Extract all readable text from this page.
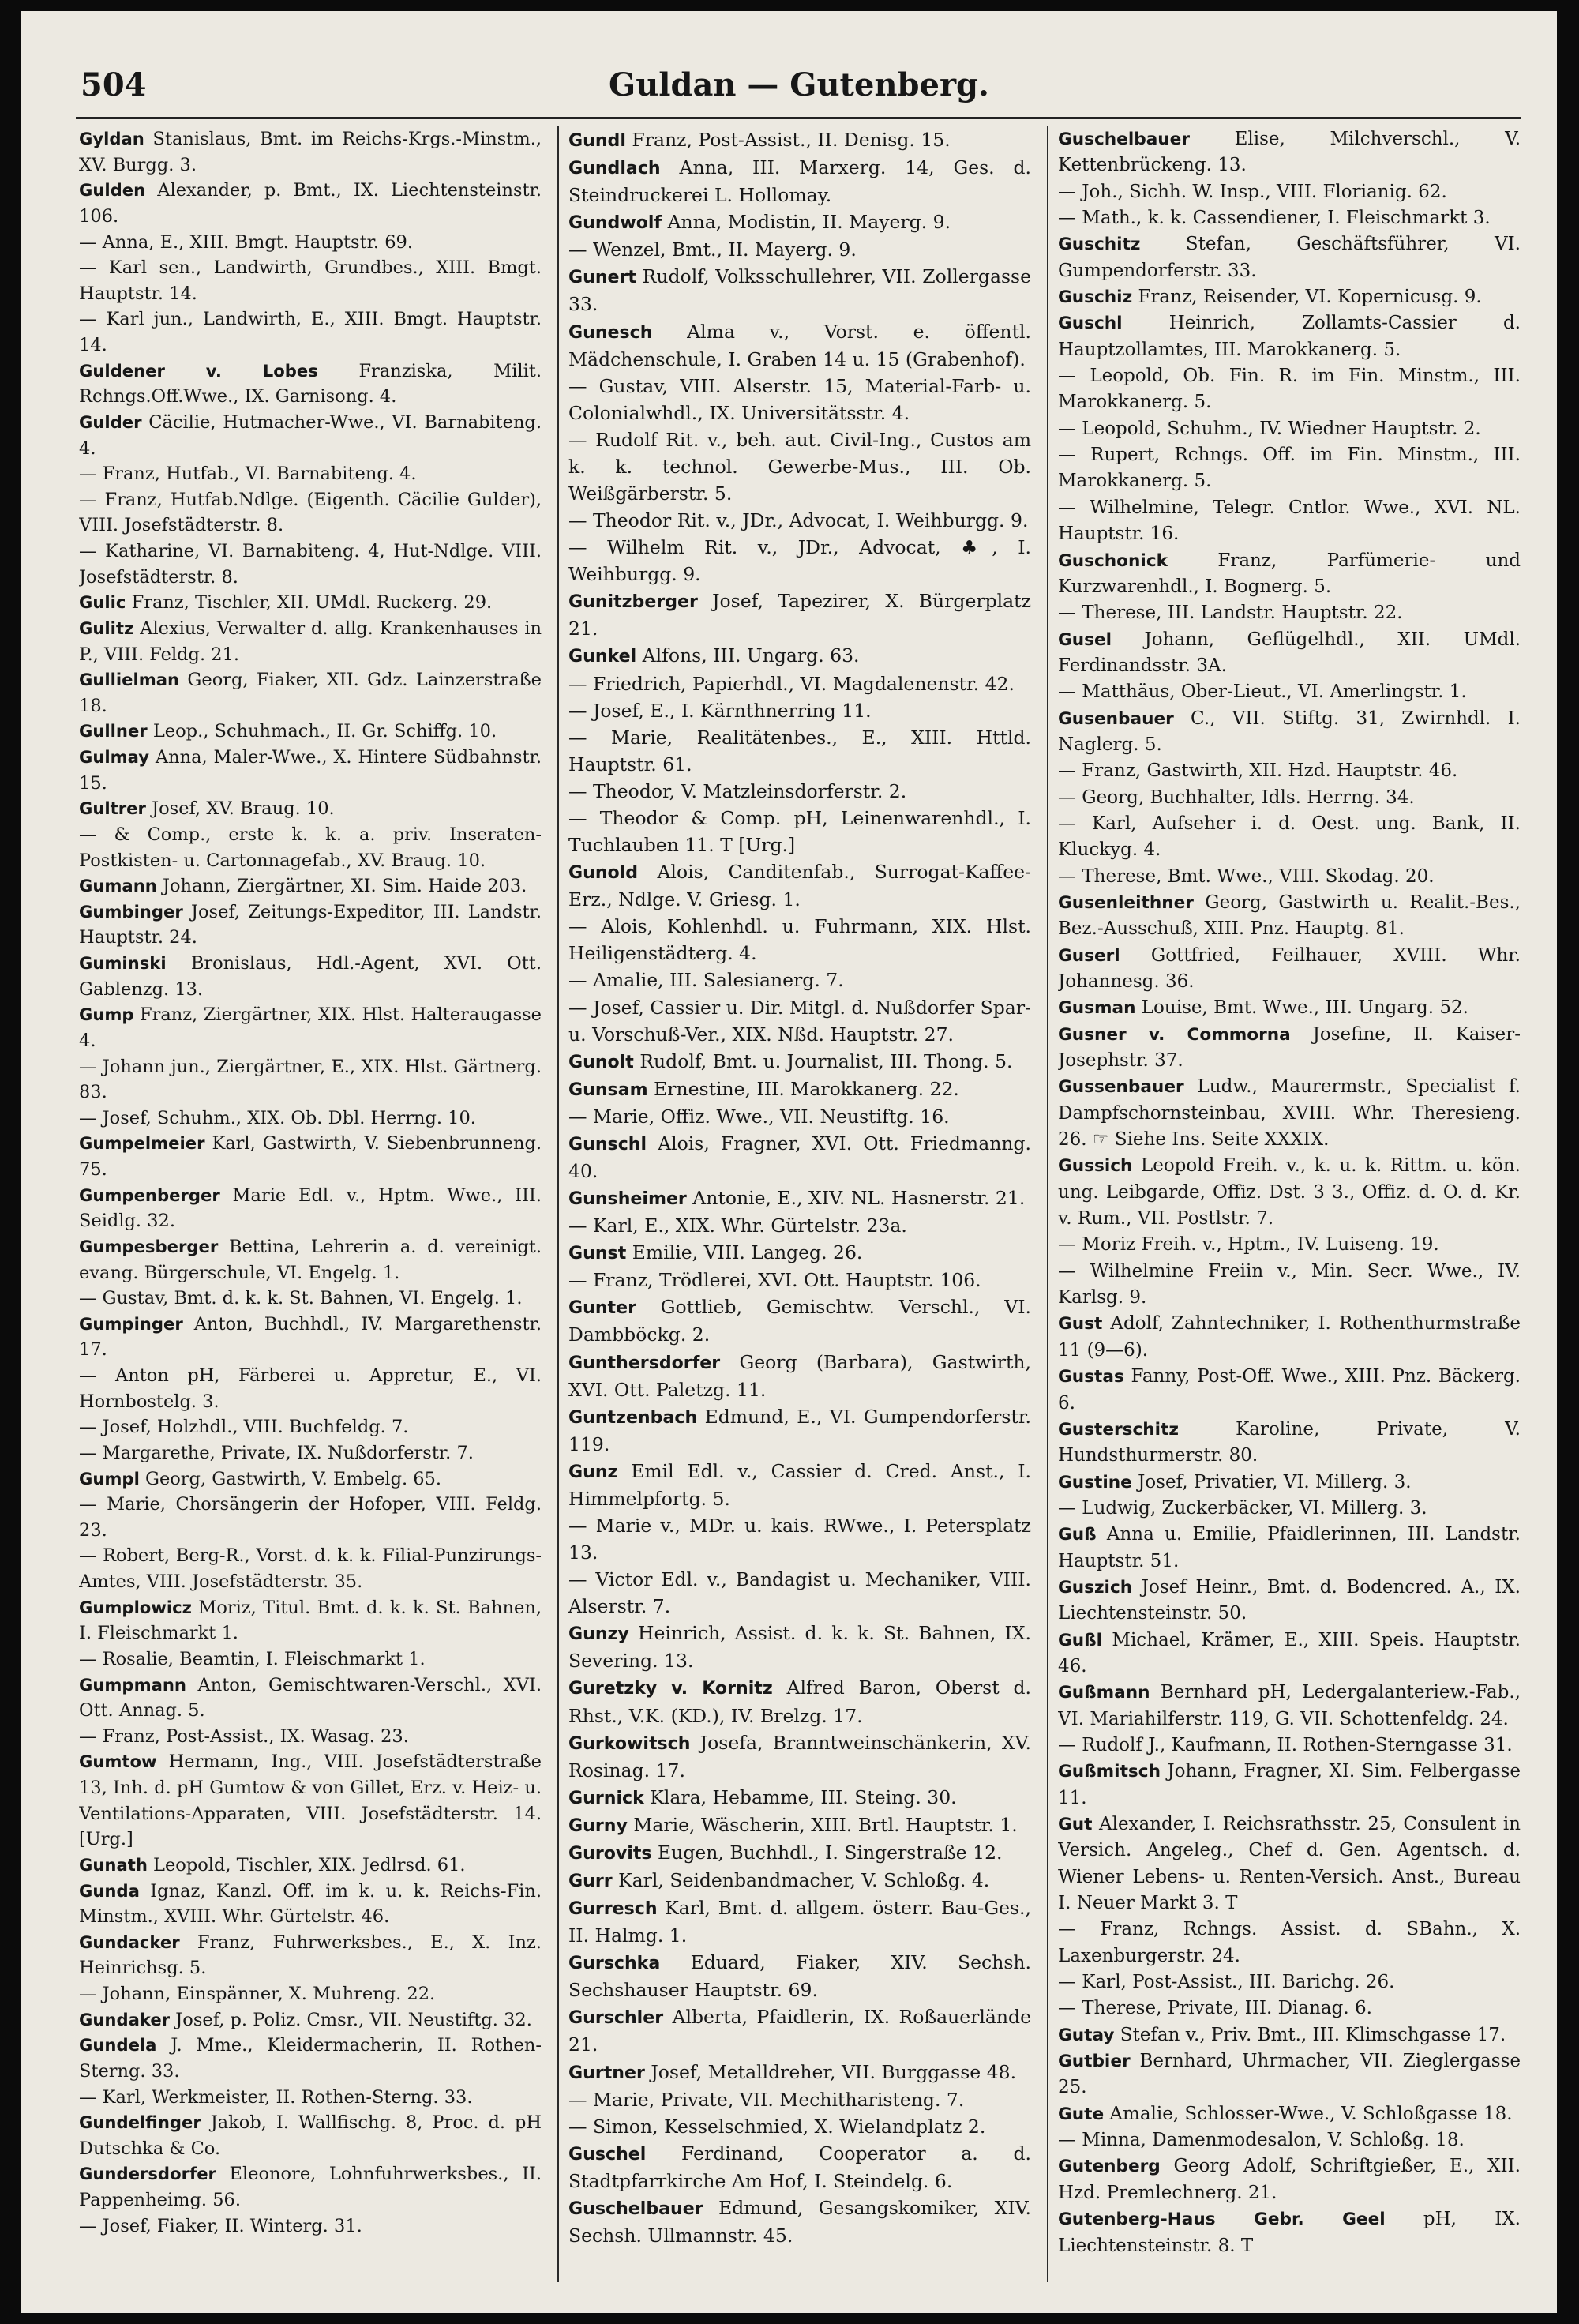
504	Guldan — Gutenberg.

Gyldan Stanislaus, Bmt. im Reichs-Krgs.-Minstm., XV. Burgg. 3.

Gulden Alexander, p. Bmt., IX. Liechtensteinstr. 106.

— Anna, E., XIII. Bmgt. Hauptstr. 69.

— Karl sen., Landwirth, Grundbes., XIII. Bmgt. Hauptstr. 14.

— Karl jun., Landwirth, E., XIII. Bmgt. Hauptstr. 14.

Guldener v. Lobes Franziska, Milit. Rchngs.Off.Wwe., IX. Garnisong. 4.

Gulder Cäcilie, Hutmacher-Wwe., VI. Barnabiteng. 4.

— Franz, Hutfab., VI. Barnabiteng. 4.

— Franz, Hutfab.Ndlge. (Eigenth. Cäcilie Gulder), VIII. Josefstädterstr. 8.

— Katharine, VI. Barnabiteng. 4, Hut-Ndlge. VIII. Josefstädterstr. 8.

Gulic Franz, Tischler, XII. UMdl. Ruckerg. 29.

Gulitz Alexius, Verwalter d. allg. Krankenhauses in P., VIII. Feldg. 21.

Gullielman Georg, Fiaker, XII. Gdz. Lainzerstraße 18.

Gullner Leop., Schuhmach., II. Gr. Schiffg. 10.

Gulmay Anna, Maler-Wwe., X. Hintere Südbahnstr. 15.

Gultrer Josef, XV. Braug. 10.

— & Comp., erste k. k. a. priv. Inseraten-Postkisten- u. Cartonnagefab., XV. Braug. 10.

Gumann Johann, Ziergärtner, XI. Sim. Haide 203.

Gumbinger Josef, Zeitungs-Expeditor, III. Landstr. Hauptstr. 24.

Guminski Bronislaus, Hdl.-Agent, XVI. Ott. Gablenzg. 13.

Gump Franz, Ziergärtner, XIX. Hlst. Halteraugasse 4.

— Johann jun., Ziergärtner, E., XIX. Hlst. Gärtnerg. 83.

— Josef, Schuhm., XIX. Ob. Dbl. Herrng. 10.

Gumpelmeier Karl, Gastwirth, V. Siebenbrunneng. 75.

Gumpenberger Marie Edl. v., Hptm. Wwe., III. Seidlg. 32.

Gumpesberger Bettina, Lehrerin a. d. vereinigt. evang. Bürgerschule, VI. Engelg. 1.

— Gustav, Bmt. d. k. k. St. Bahnen, VI. Engelg. 1.

Gumpinger Anton, Buchhdl., IV. Margarethenstr. 17.

— Anton pH, Färberei u. Appretur, E., VI. Hornbostelg. 3.

— Josef, Holzhdl., VIII. Buchfeldg. 7.

— Margarethe, Private, IX. Nußdorferstr. 7.

Gumpl Georg, Gastwirth, V. Embelg. 65.

— Marie, Chorsängerin der Hofoper, VIII. Feldg. 23.

— Robert, Berg-R., Vorst. d. k. k. Filial-Punzirungs-Amtes, VIII. Josefstädterstr. 35.

Gumplowicz Moriz, Titul. Bmt. d. k. k. St. Bahnen, I. Fleischmarkt 1.

— Rosalie, Beamtin, I. Fleischmarkt 1.

Gumpmann Anton, Gemischtwaren-Verschl., XVI. Ott. Annag. 5.

— Franz, Post-Assist., IX. Wasag. 23.

Gumtow Hermann, Ing., VIII. Josefstädterstraße 13, Inh. d. pH Gumtow & von Gillet, Erz. v. Heiz- u. Ventilations-Apparaten, VIII. Josefstädterstr. 14. [Urg.]

Gunath Leopold, Tischler, XIX. Jedlrsd. 61.

Gunda Ignaz, Kanzl. Off. im k. u. k. Reichs-Fin. Minstm., XVIII. Whr. Gürtelstr. 46.

Gundacker Franz, Fuhrwerksbes., E., X. Inz. Heinrichsg. 5.

— Johann, Einspänner, X. Muhreng. 22.

Gundaker Josef, p. Poliz. Cmsr., VII. Neustiftg. 32.

Gundela J. Mme., Kleidermacherin, II. Rothen-Sterng. 33.

— Karl, Werkmeister, II. Rothen-Sterng. 33.

Gundelfinger Jakob, I. Wallfischg. 8, Proc. d. pH Dutschka & Co.

Gundersdorfer Eleonore, Lohnfuhrwerksbes., II. Pappenheimg. 56.

— Josef, Fiaker, II. Winterg. 31.

Gundl Franz, Post-Assist., II. Denisg. 15.

Gundlach Anna, III. Marxerg. 14, Ges. d. Steindruckerei L. Hollomay.

Gundwolf Anna, Modistin, II. Mayerg. 9.

— Wenzel, Bmt., II. Mayerg. 9.

Gunert Rudolf, Volksschullehrer, VII. Zollergasse 33.

Gunesch Alma v., Vorst. e. öffentl. Mädchenschule, I. Graben 14 u. 15 (Grabenhof).

— Gustav, VIII. Alserstr. 15, Material-Farb- u. Colonialwhdl., IX. Universitätsstr. 4.

— Rudolf Rit. v., beh. aut. Civil-Ing., Custos am k. k. technol. Gewerbe-Mus., III. Ob. Weißgärberstr. 5.

— Theodor Rit. v., JDr., Advocat, I. Weihburgg. 9.

— Wilhelm Rit. v., JDr., Advocat, ♣, I. Weihburgg. 9.

Gunitzberger Josef, Tapezirer, X. Bürgerplatz 21.

Gunkel Alfons, III. Ungarg. 63.

— Friedrich, Papierhdl., VI. Magdalenenstr. 42.

— Josef, E., I. Kärnthnerring 11.

— Marie, Realitätenbes., E., XIII. Httld. Hauptstr. 61.

— Theodor, V. Matzleinsdorferstr. 2.

— Theodor & Comp. pH, Leinenwarenhdl., I. Tuchlauben 11. T [Urg.]

Gunold Alois, Canditenfab., Surrogat-Kaffee-Erz., Ndlge. V. Griesg. 1.

— Alois, Kohlenhdl. u. Fuhrmann, XIX. Hlst. Heiligenstädterg. 4.

— Amalie, III. Salesianerg. 7.

— Josef, Cassier u. Dir. Mitgl. d. Nußdorfer Spar- u. Vorschuß-Ver., XIX. Nßd. Hauptstr. 27.

Gunolt Rudolf, Bmt. u. Journalist, III. Thong. 5.

Gunsam Ernestine, III. Marokkanerg. 22.

— Marie, Offiz. Wwe., VII. Neustiftg. 16.

Gunschl Alois, Fragner, XVI. Ott. Friedmanng. 40.

Gunsheimer Antonie, E., XIV. NL. Hasnerstr. 21.

— Karl, E., XIX. Whr. Gürtelstr. 23a.

Gunst Emilie, VIII. Langeg. 26.

— Franz, Trödlerei, XVI. Ott. Hauptstr. 106.

Gunter Gottlieb, Gemischtw. Verschl., VI. Dambböckg. 2.

Gunthersdorfer Georg (Barbara), Gastwirth, XVI. Ott. Paletzg. 11.

Guntzenbach Edmund, E., VI. Gumpendorferstr. 119.

Gunz Emil Edl. v., Cassier d. Cred. Anst., I. Himmelpfortg. 5.

— Marie v., MDr. u. kais. RWwe., I. Petersplatz 13.

— Victor Edl. v., Bandagist u. Mechaniker, VIII. Alserstr. 7.

Gunzy Heinrich, Assist. d. k. k. St. Bahnen, IX. Severing. 13.

Guretzky v. Kornitz Alfred Baron, Oberst d. Rhst., V.K. (KD.), IV. Brelzg. 17.

Gurkowitsch Josefa, Branntweinschänkerin, XV. Rosinag. 17.

Gurnick Klara, Hebamme, III. Steing. 30.

Gurny Marie, Wäscherin, XIII. Brtl. Hauptstr. 1.

Gurovits Eugen, Buchhdl., I. Singerstraße 12.

Gurr Karl, Seidenbandmacher, V. Schloßg. 4.

Gurresch Karl, Bmt. d. allgem. österr. Bau-Ges., II. Halmg. 1.

Gurschka Eduard, Fiaker, XIV. Sechsh. Sechshauser Hauptstr. 69.

Gurschler Alberta, Pfaidlerin, IX. Roßauerlände 21.

Gurtner Josef, Metalldreher, VII. Burggasse 48.

— Marie, Private, VII. Mechitharisteng. 7.

— Simon, Kesselschmied, X. Wielandplatz 2.

Guschel Ferdinand, Cooperator a. d. Stadtpfarrkirche Am Hof, I. Steindelg. 6.

Guschelbauer Edmund, Gesangskomiker, XIV. Sechsh. Ullmannstr. 45.

Guschelbauer Elise, Milchverschl., V. Kettenbrückeng. 13.

— Joh., Sichh. W. Insp., VIII. Florianig. 62.

— Math., k. k. Cassendiener, I. Fleischmarkt 3.

Guschitz Stefan, Geschäftsführer, VI. Gumpendorferstr. 33.

Guschiz Franz, Reisender, VI. Kopernicusg. 9.

Guschl Heinrich, Zollamts-Cassier d. Hauptzollamtes, III. Marokkanerg. 5.

— Leopold, Ob. Fin. R. im Fin. Minstm., III. Marokkanerg. 5.

— Leopold, Schuhm., IV. Wiedner Hauptstr. 2.

— Rupert, Rchngs. Off. im Fin. Minstm., III. Marokkanerg. 5.

— Wilhelmine, Telegr. Cntlor. Wwe., XVI. NL. Hauptstr. 16.

Guschonick Franz, Parfümerie- und Kurzwarenhdl., I. Bognerg. 5.

— Therese, III. Landstr. Hauptstr. 22.

Gusel Johann, Geflügelhdl., XII. UMdl. Ferdinandsstr. 3A.

— Matthäus, Ober-Lieut., VI. Amerlingstr. 1.

Gusenbauer C., VII. Stiftg. 31, Zwirnhdl. I. Naglerg. 5.

— Franz, Gastwirth, XII. Hzd. Hauptstr. 46.

— Georg, Buchhalter, Idls. Herrng. 34.

— Karl, Aufseher i. d. Oest. ung. Bank, II. Kluckyg. 4.

— Therese, Bmt. Wwe., VIII. Skodag. 20.

Gusenleithner Georg, Gastwirth u. Realit.-Bes., Bez.-Ausschuß, XIII. Pnz. Hauptg. 81.

Guserl Gottfried, Feilhauer, XVIII. Whr. Johannesg. 36.

Gusman Louise, Bmt. Wwe., III. Ungarg. 52.

Gusner v. Commorna Josefine, II. Kaiser-Josephstr. 37.

Gussenbauer Ludw., Maurermstr., Specialist f. Dampfschornsteinbau, XVIII. Whr. Theresieng. 26. ☞ Siehe Ins. Seite XXXIX.

Gussich Leopold Freih. v., k. u. k. Rittm. u. kön. ung. Leibgarde, Offiz. Dst. 3 3., Offiz. d. O. d. Kr. v. Rum., VII. Postlstr. 7.

— Moriz Freih. v., Hptm., IV. Luiseng. 19.

— Wilhelmine Freiin v., Min. Secr. Wwe., IV. Karlsg. 9.

Gust Adolf, Zahntechniker, I. Rothenthurmstraße 11 (9—6).

Gustas Fanny, Post-Off. Wwe., XIII. Pnz. Bäckerg. 6.

Gusterschitz Karoline, Private, V. Hundsthurmerstr. 80.

Gustine Josef, Privatier, VI. Millerg. 3.

— Ludwig, Zuckerbäcker, VI. Millerg. 3.

Guß Anna u. Emilie, Pfaidlerinnen, III. Landstr. Hauptstr. 51.

Guszich Josef Heinr., Bmt. d. Bodencred. A., IX. Liechtensteinstr. 50.

Gußl Michael, Krämer, E., XIII. Speis. Hauptstr. 46.

Gußmann Bernhard pH, Ledergalanteriew.-Fab., VI. Mariahilferstr. 119, G. VII. Schottenfeldg. 24.

— Rudolf J., Kaufmann, II. Rothen-Sterngasse 31.

Gußmitsch Johann, Fragner, XI. Sim. Felbergasse 11.

Gut Alexander, I. Reichsrathsstr. 25, Consulent in Versich. Angeleg., Chef d. Gen. Agentsch. d. Wiener Lebens- u. Renten-Versich. Anst., Bureau I. Neuer Markt 3. T

— Franz, Rchngs. Assist. d. SBahn., X. Laxenburgerstr. 24.

— Karl, Post-Assist., III. Barichg. 26.

— Therese, Private, III. Dianag. 6.

Gutay Stefan v., Priv. Bmt., III. Klimschgasse 17.

Gutbier Bernhard, Uhrmacher, VII. Zieglergasse 25.

Gute Amalie, Schlosser-Wwe., V. Schloßgasse 18.

— Minna, Damenmodesalon, V. Schloßg. 18.

Gutenberg Georg Adolf, Schriftgießer, E., XII. Hzd. Premlechnerg. 21.

Gutenberg-Haus Gebr. Geel pH, IX. Liechtensteinstr. 8. T
